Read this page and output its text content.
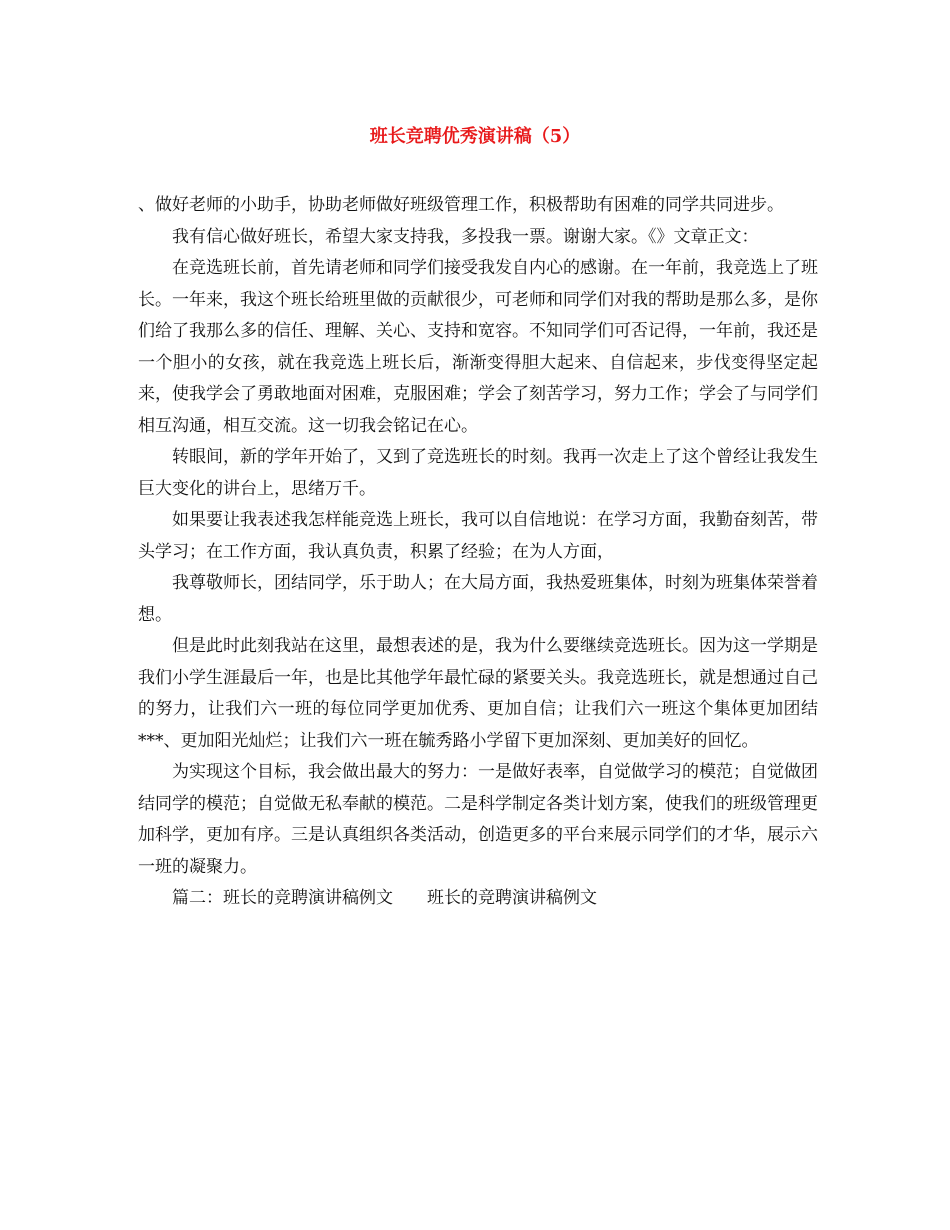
班长竞聘优秀演讲稿（5）

、做好老师的小助手，协助老师做好班级管理工作，积极帮助有困难的同学共同进步。

我有信心做好班长，希望大家支持我，多投我一票。谢谢大家。《》文章正文：

在竞选班长前，首先请老师和同学们接受我发自内心的感谢。在一年前，我竞选上了班长。一年来，我这个班长给班里做的贡献很少，可老师和同学们对我的帮助是那么多，是你们给了我那么多的信任、理解、关心、支持和宽容。不知同学们可否记得，一年前，我还是一个胆小的女孩，就在我竞选上班长后，渐渐变得胆大起来、自信起来，步伐变得坚定起来，使我学会了勇敢地面对困难，克服困难；学会了刻苦学习，努力工作；学会了与同学们相互沟通，相互交流。这一切我会铭记在心。

转眼间，新的学年开始了，又到了竞选班长的时刻。我再一次走上了这个曾经让我发生巨大变化的讲台上，思绪万千。

如果要让我表述我怎样能竞选上班长，我可以自信地说：在学习方面，我勤奋刻苦，带头学习；在工作方面，我认真负责，积累了经验；在为人方面，

我尊敬师长，团结同学，乐于助人；在大局方面，我热爱班集体，时刻为班集体荣誉着想。

但是此时此刻我站在这里，最想表述的是，我为什么要继续竞选班长。因为这一学期是我们小学生涯最后一年，也是比其他学年最忙碌的紧要关头。我竞选班长，就是想通过自己的努力，让我们六一班的每位同学更加优秀、更加自信；让我们六一班这个集体更加团结***、更加阳光灿烂；让我们六一班在毓秀路小学留下更加深刻、更加美好的回忆。

为实现这个目标，我会做出最大的努力：一是做好表率，自觉做学习的模范；自觉做团结同学的模范；自觉做无私奉献的模范。二是科学制定各类计划方案，使我们的班级管理更加科学，更加有序。三是认真组织各类活动，创造更多的平台来展示同学们的才华，展示六一班的凝聚力。

篇二：班长的竞聘演讲稿例文 班长的竞聘演讲稿例文
